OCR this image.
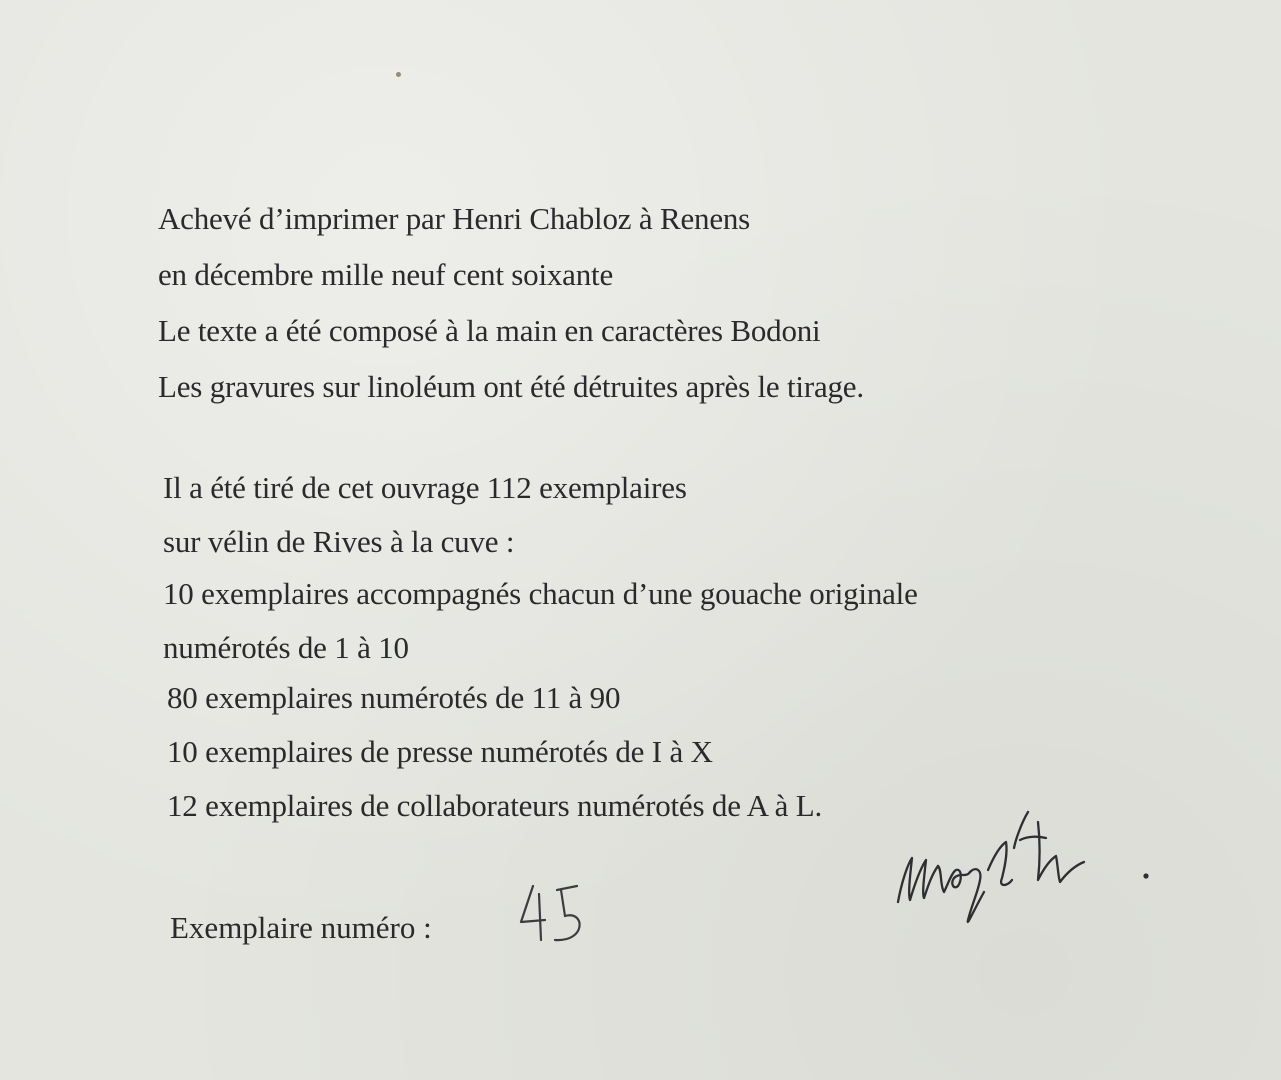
Achevé d’imprimer par Henri Chabloz à Renens
en décembre mille neuf cent soixante
Le texte a été composé à la main en caractères Bodoni
Les gravures sur linoléum ont été détruites après le tirage.
Il a été tiré de cet ouvrage 112 exemplaires
sur vélin de Rives à la cuve :
10 exemplaires accompagnés chacun d’une gouache originale
numérotés de 1 à 10
80 exemplaires numérotés de 11 à 90
10 exemplaires de presse numérotés de I à X
12 exemplaires de collaborateurs numérotés de A à L.
Exemplaire numéro :
